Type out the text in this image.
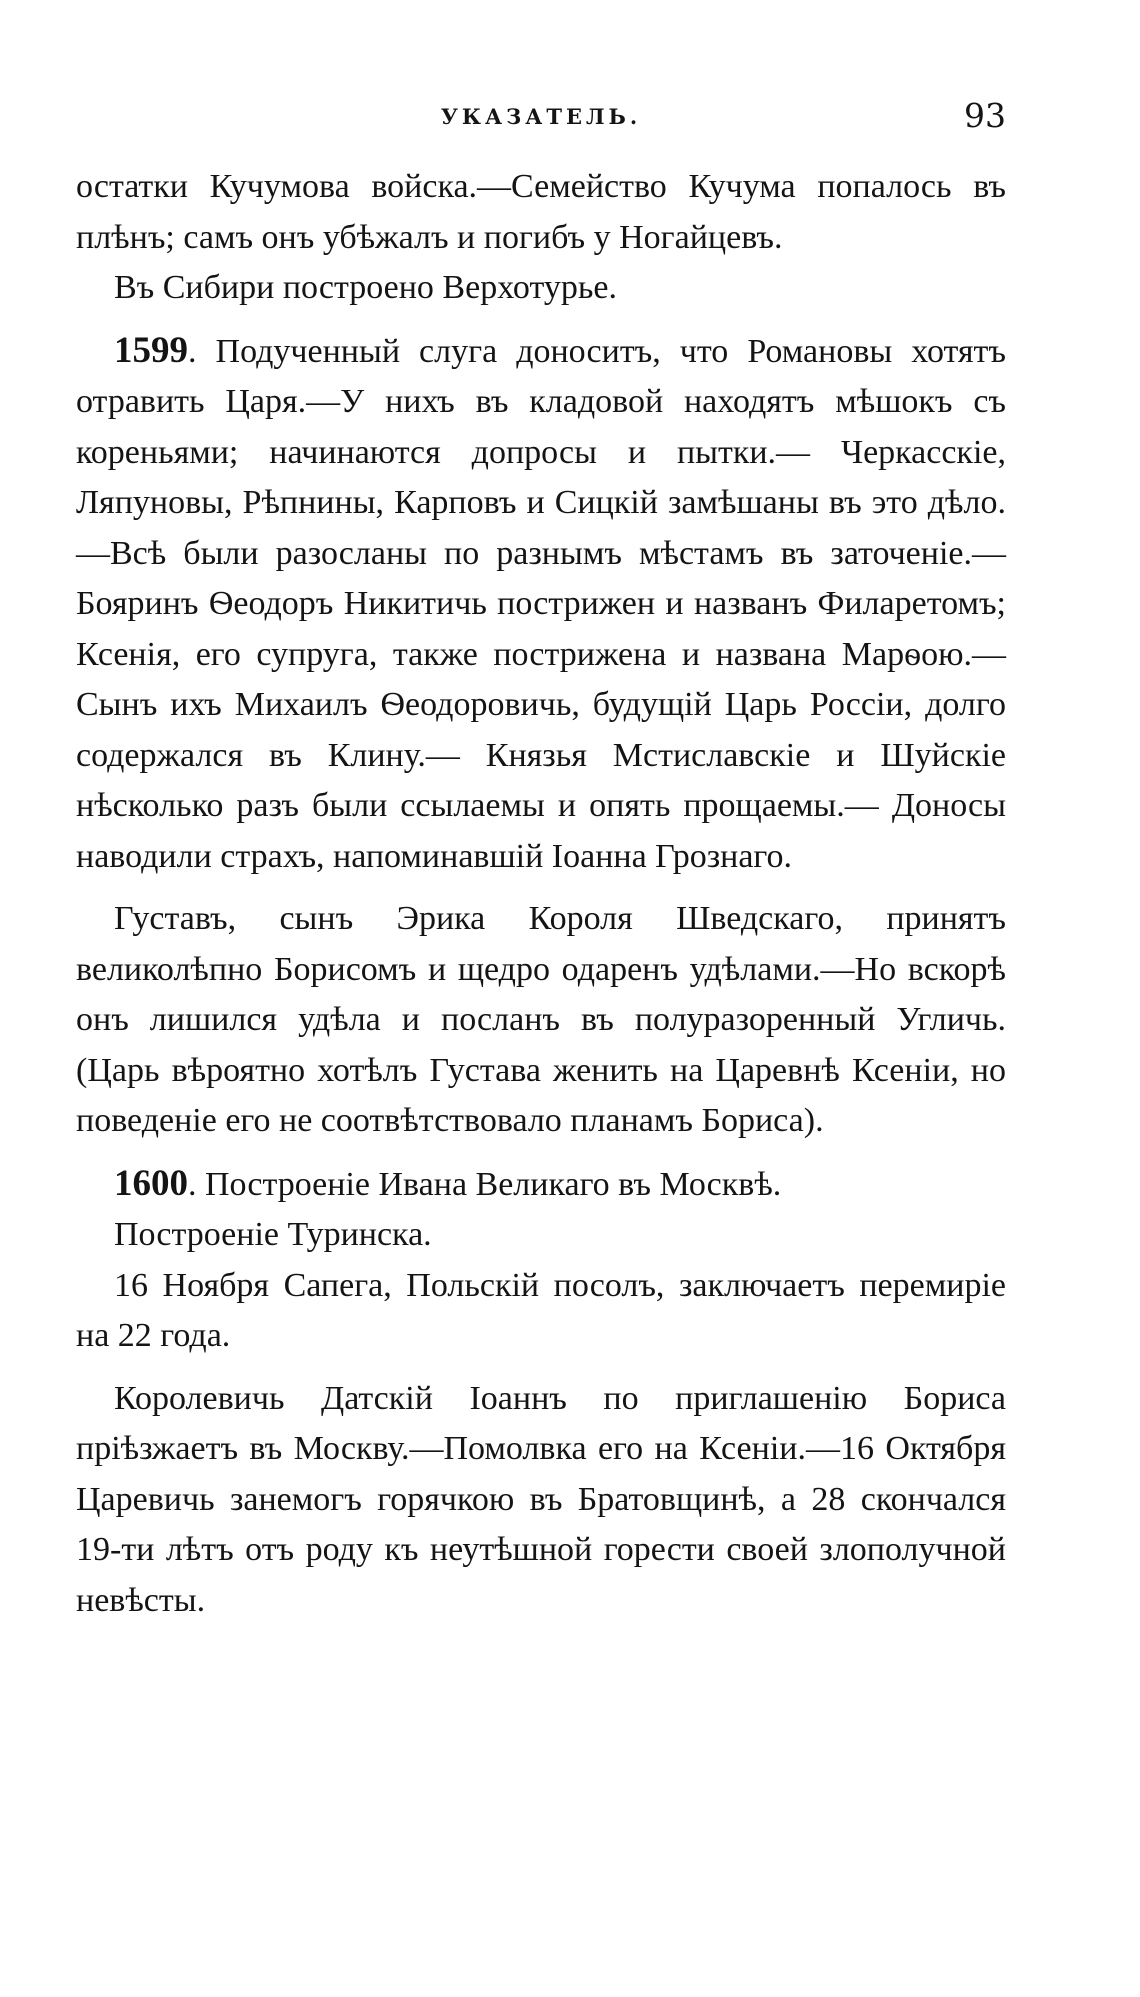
УКАЗАТЕЛЬ.	93

остатки Кучумова войска.—Семейство Кучума попалось въ плѣнъ; самъ онъ убѣжалъ и погибъ у Ногайцевъ.

Въ Сибири построено Верхотурье.

1599. Подученный слуга доноситъ, что Романовы хотятъ отравить Царя.—У нихъ въ кладовой находятъ мѣшокъ съ кореньями; начинаются допросы и пытки.— Черкасскіе, Ляпуновы, Рѣпнины, Карповъ и Сицкій замѣшаны въ это дѣло.—Всѣ были разосланы по разнымъ мѣстамъ въ заточеніе.— Бояринъ Ѳеодоръ Никитичь пострижен и названъ Филаретомъ; Ксенія, его супруга, также пострижена и названа Марѳою.— Сынъ ихъ Михаилъ Ѳеодоровичь, будущій Царь Россіи, долго содержался въ Клину.— Князья Мстиславскіе и Шуйскіе нѣсколько разъ были ссылаемы и опять прощаемы.— Доносы наводили страхъ, напоминавшій Іоанна Грознаго.

Густавъ, сынъ Эрика Короля Шведскаго, принятъ великолѣпно Борисомъ и щедро одаренъ удѣлами.—Но вскорѣ онъ лишился удѣла и посланъ въ полуразоренный Угличь. (Царь вѣроятно хотѣлъ Густава женить на Царевнѣ Ксеніи, но поведеніе его не соотвѣтствовало планамъ Бориса).

1600. Построеніе Ивана Великаго въ Москвѣ.

Построеніе Туринска.

16 Ноября Сапега, Польскій посолъ, заключаетъ перемиріе на 22 года.

Королевичь Датскій Іоаннъ по приглашенію Бориса пріѣзжаетъ въ Москву.—Помолвка его на Ксеніи.—16 Октября Царевичь занемогъ горячкою въ Братовщинѣ, а 28 скончался 19-ти лѣтъ отъ роду къ неутѣшной горести своей злополучной невѣсты.
